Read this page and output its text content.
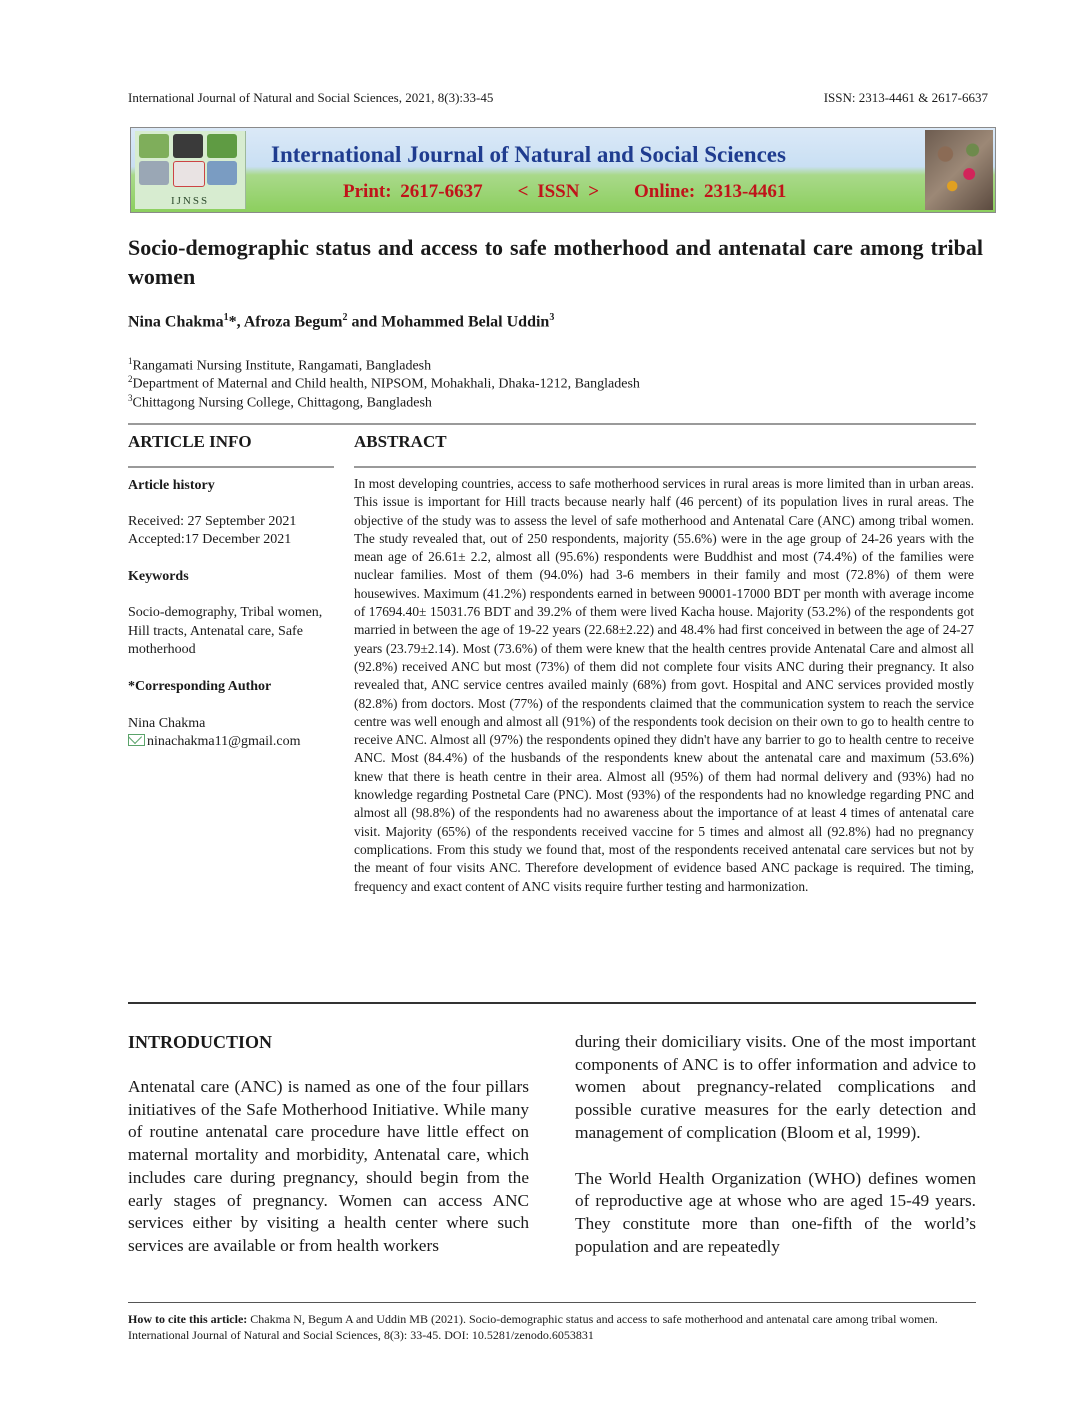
International Journal of Natural and Social Sciences, 2021, 8(3):33-45	ISSN: 2313-4461 & 2617-6637
IJNSS
International Journal of Natural and Social Sciences
Print: 2617-6637    < ISSN >    Online: 2313-4461
Socio-demographic status and access to safe motherhood and antenatal care among tribal women
Nina Chakma$^1$*, Afroza Begum$^2$ and Mohammed Belal Uddin$^3$
$^1$Rangamati Nursing Institute, Rangamati, Bangladesh
$^2$Department of Maternal and Child health, NIPSOM, Mohakhali, Dhaka-1212, Bangladesh
$^3$Chittagong Nursing College, Chittagong, Bangladesh
ARTICLE INFO	ABSTRACT
Article history
Received: 27 September 2021
Accepted:17 December 2021
Keywords
Socio-demography, Tribal women, Hill tracts, Antenatal care, Safe motherhood
*Corresponding Author
Nina Chakma
ninachakma11@gmail.com
In most developing countries, access to safe motherhood services in rural areas is more limited than in urban areas. This issue is important for Hill tracts because nearly half (46 percent) of its population lives in rural areas. The objective of the study was to assess the level of safe motherhood and Antenatal Care (ANC) among tribal women. The study revealed that, out of 250 respondents, majority (55.6%) were in the age group of 24-26 years with the mean age of 26.61± 2.2, almost all (95.6%) respondents were Buddhist and most (74.4%) of the families were nuclear families. Most of them (94.0%) had 3-6 members in their family and most (72.8%) of them were housewives. Maximum (41.2%) respondents earned in between 90001-17000 BDT per month with average income of 17694.40± 15031.76 BDT and 39.2% of them were lived Kacha house. Majority (53.2%) of the respondents got married in between the age of 19-22 years (22.68±2.22) and 48.4% had first conceived in between the age of 24-27 years (23.79±2.14). Most (73.6%) of them were knew that the health centres provide Antenatal Care and almost all (92.8%) received ANC but most (73%) of them did not complete four visits ANC during their pregnancy. It also revealed that, ANC service centres availed mainly (68%) from govt. Hospital and ANC services provided mostly (82.8%) from doctors. Most (77%) of the respondents claimed that the communication system to reach the service centre was well enough and almost all (91%) of the respondents took decision on their own to go to health centre to receive ANC. Almost all (97%) the respondents opined they didn't have any barrier to go to health centre to receive ANC. Most (84.4%) of the husbands of the respondents knew about the antenatal care and maximum (53.6%) knew that there is heath centre in their area. Almost all (95%) of them had normal delivery and (93%) had no knowledge regarding Postnetal Care (PNC). Most (93%) of the respondents had no knowledge regarding PNC and almost all (98.8%) of the respondents had no awareness about the importance of at least 4 times of antenatal care visit. Majority (65%) of the respondents received vaccine for 5 times and almost all (92.8%) had no pregnancy complications. From this study we found that, most of the respondents received antenatal care services but not by the meant of four visits ANC. Therefore development of evidence based ANC package is required. The timing, frequency and exact content of ANC visits require further testing and harmonization.
INTRODUCTION

Antenatal care (ANC) is named as one of the four pillars initiatives of the Safe Motherhood Initiative. While many of routine antenatal care procedure have little effect on maternal mortality and morbidity, Antenatal care, which includes care during pregnancy, should begin from the early stages of pregnancy. Women can access ANC services either by visiting a health center where such services are available or from health workers

during their domiciliary visits. One of the most important components of ANC is to offer information and advice to women about pregnancy-related complications and possible curative measures for the early detection and management of complication (Bloom et al, 1999).

The World Health Organization (WHO) defines women of reproductive age at whose who are aged 15-49 years. They constitute more than one-fifth of the world’s population and are repeatedly

How to cite this article: Chakma N, Begum A and Uddin MB (2021). Socio-demographic status and access to safe motherhood and antenatal care among tribal women. International Journal of Natural and Social Sciences, 8(3): 33-45. DOI: 10.5281/zenodo.6053831
